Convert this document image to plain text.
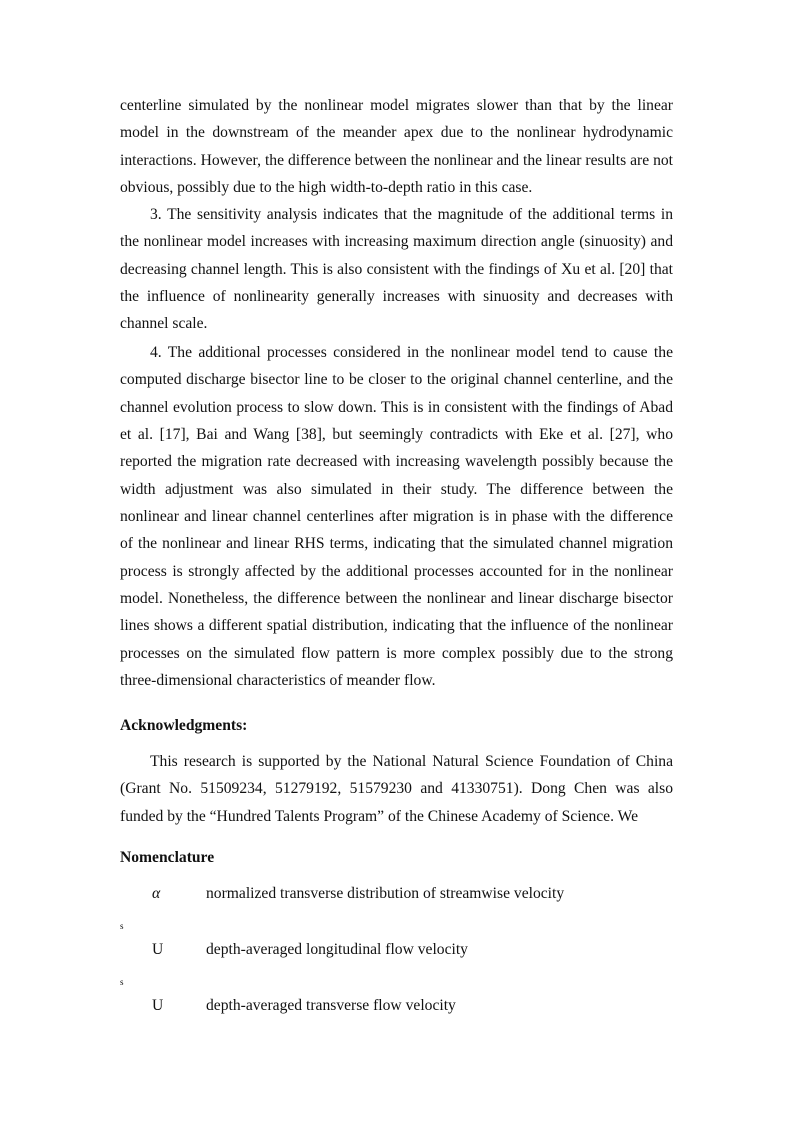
centerline simulated by the nonlinear model migrates slower than that by the linear model in the downstream of the meander apex due to the nonlinear hydrodynamic interactions. However, the difference between the nonlinear and the linear results are not obvious, possibly due to the high width-to-depth ratio in this case.

3. The sensitivity analysis indicates that the magnitude of the additional terms in the nonlinear model increases with increasing maximum direction angle (sinuosity) and decreasing channel length. This is also consistent with the findings of Xu et al. [20] that the influence of nonlinearity generally increases with sinuosity and decreases with channel scale.

4. The additional processes considered in the nonlinear model tend to cause the computed discharge bisector line to be closer to the original channel centerline, and the channel evolution process to slow down. This is in consistent with the findings of Abad et al. [17], Bai and Wang [38], but seemingly contradicts with Eke et al. [27], who reported the migration rate decreased with increasing wavelength possibly because the width adjustment was also simulated in their study. The difference between the nonlinear and linear channel centerlines after migration is in phase with the difference of the nonlinear and linear RHS terms, indicating that the simulated channel migration process is strongly affected by the additional processes accounted for in the nonlinear model. Nonetheless, the difference between the nonlinear and linear discharge bisector lines shows a different spatial distribution, indicating that the influence of the nonlinear processes on the simulated flow pattern is more complex possibly due to the strong three-dimensional characteristics of meander flow.

Acknowledgments:

This research is supported by the National Natural Science Foundation of China (Grant No. 51509234, 51279192, 51579230 and 41330751). Dong Chen was also funded by the “Hundred Talents Program” of the Chinese Academy of Science. We

Nomenclature
α	normalized transverse distribution of streamwise velocity
s
U	depth-averaged longitudinal flow velocity
s
U	depth-averaged transverse flow velocity
